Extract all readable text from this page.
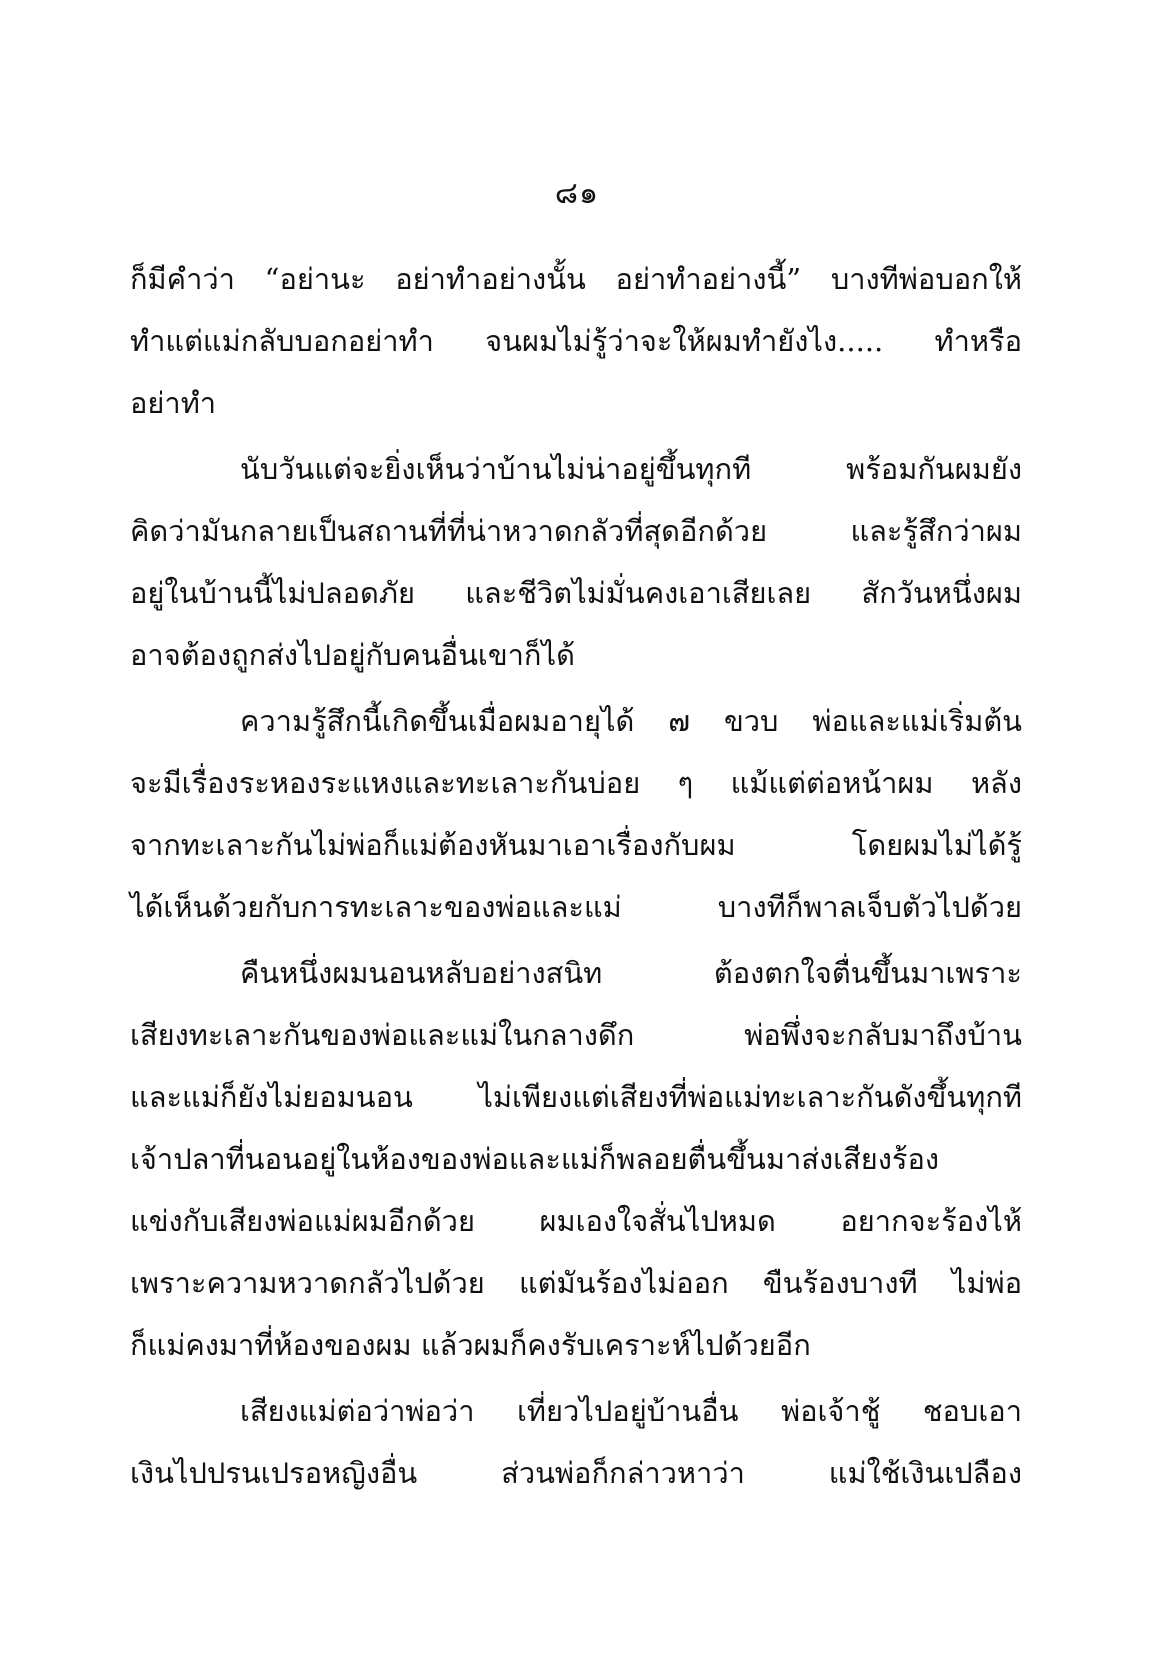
๘๑
ก็มีคำว่า “อย่านะ อย่าทำอย่างนั้น อย่าทำอย่างนี้” บางทีพ่อบอกให้
ทำแต่แม่กลับบอกอย่าทำ จนผมไม่รู้ว่าจะให้ผมทำยังไง..... ทำหรือ
อย่าทำ
นับวันแต่จะยิ่งเห็นว่าบ้านไม่น่าอยู่ขึ้นทุกที พร้อมกันผมยัง
คิดว่ามันกลายเป็นสถานที่ที่น่าหวาดกลัวที่สุดอีกด้วย และรู้สึกว่าผม
อยู่ในบ้านนี้ไม่ปลอดภัย และชีวิตไม่มั่นคงเอาเสียเลย สักวันหนึ่งผม
อาจต้องถูกส่งไปอยู่กับคนอื่นเขาก็ได้
ความรู้สึกนี้เกิดขึ้นเมื่อผมอายุได้ ๗ ขวบ พ่อและแม่เริ่มต้น
จะมีเรื่องระหองระแหงและทะเลาะกันบ่อย ๆ แม้แต่ต่อหน้าผม หลัง
จากทะเลาะกันไม่พ่อก็แม่ต้องหันมาเอาเรื่องกับผม โดยผมไม่ได้รู้
ได้เห็นด้วยกับการทะเลาะของพ่อและแม่ บางทีก็พาลเจ็บตัวไปด้วย
คืนหนึ่งผมนอนหลับอย่างสนิท ต้องตกใจตื่นขึ้นมาเพราะ
เสียงทะเลาะกันของพ่อและแม่ในกลางดึก พ่อพึ่งจะกลับมาถึงบ้าน
และแม่ก็ยังไม่ยอมนอน ไม่เพียงแต่เสียงที่พ่อแม่ทะเลาะกันดังขึ้นทุกที
เจ้าปลาที่นอนอยู่ในห้องของพ่อและแม่ก็พลอยตื่นขึ้นมาส่งเสียงร้อง
แข่งกับเสียงพ่อแม่ผมอีกด้วย ผมเองใจสั่นไปหมด อยากจะร้องไห้
เพราะความหวาดกลัวไปด้วย แต่มันร้องไม่ออก ขืนร้องบางที ไม่พ่อ
ก็แม่คงมาที่ห้องของผม แล้วผมก็คงรับเคราะห์ไปด้วยอีก
เสียงแม่ต่อว่าพ่อว่า เที่ยวไปอยู่บ้านอื่น พ่อเจ้าชู้ ชอบเอา
เงินไปปรนเปรอหญิงอื่น ส่วนพ่อก็กล่าวหาว่า แม่ใช้เงินเปลือง
